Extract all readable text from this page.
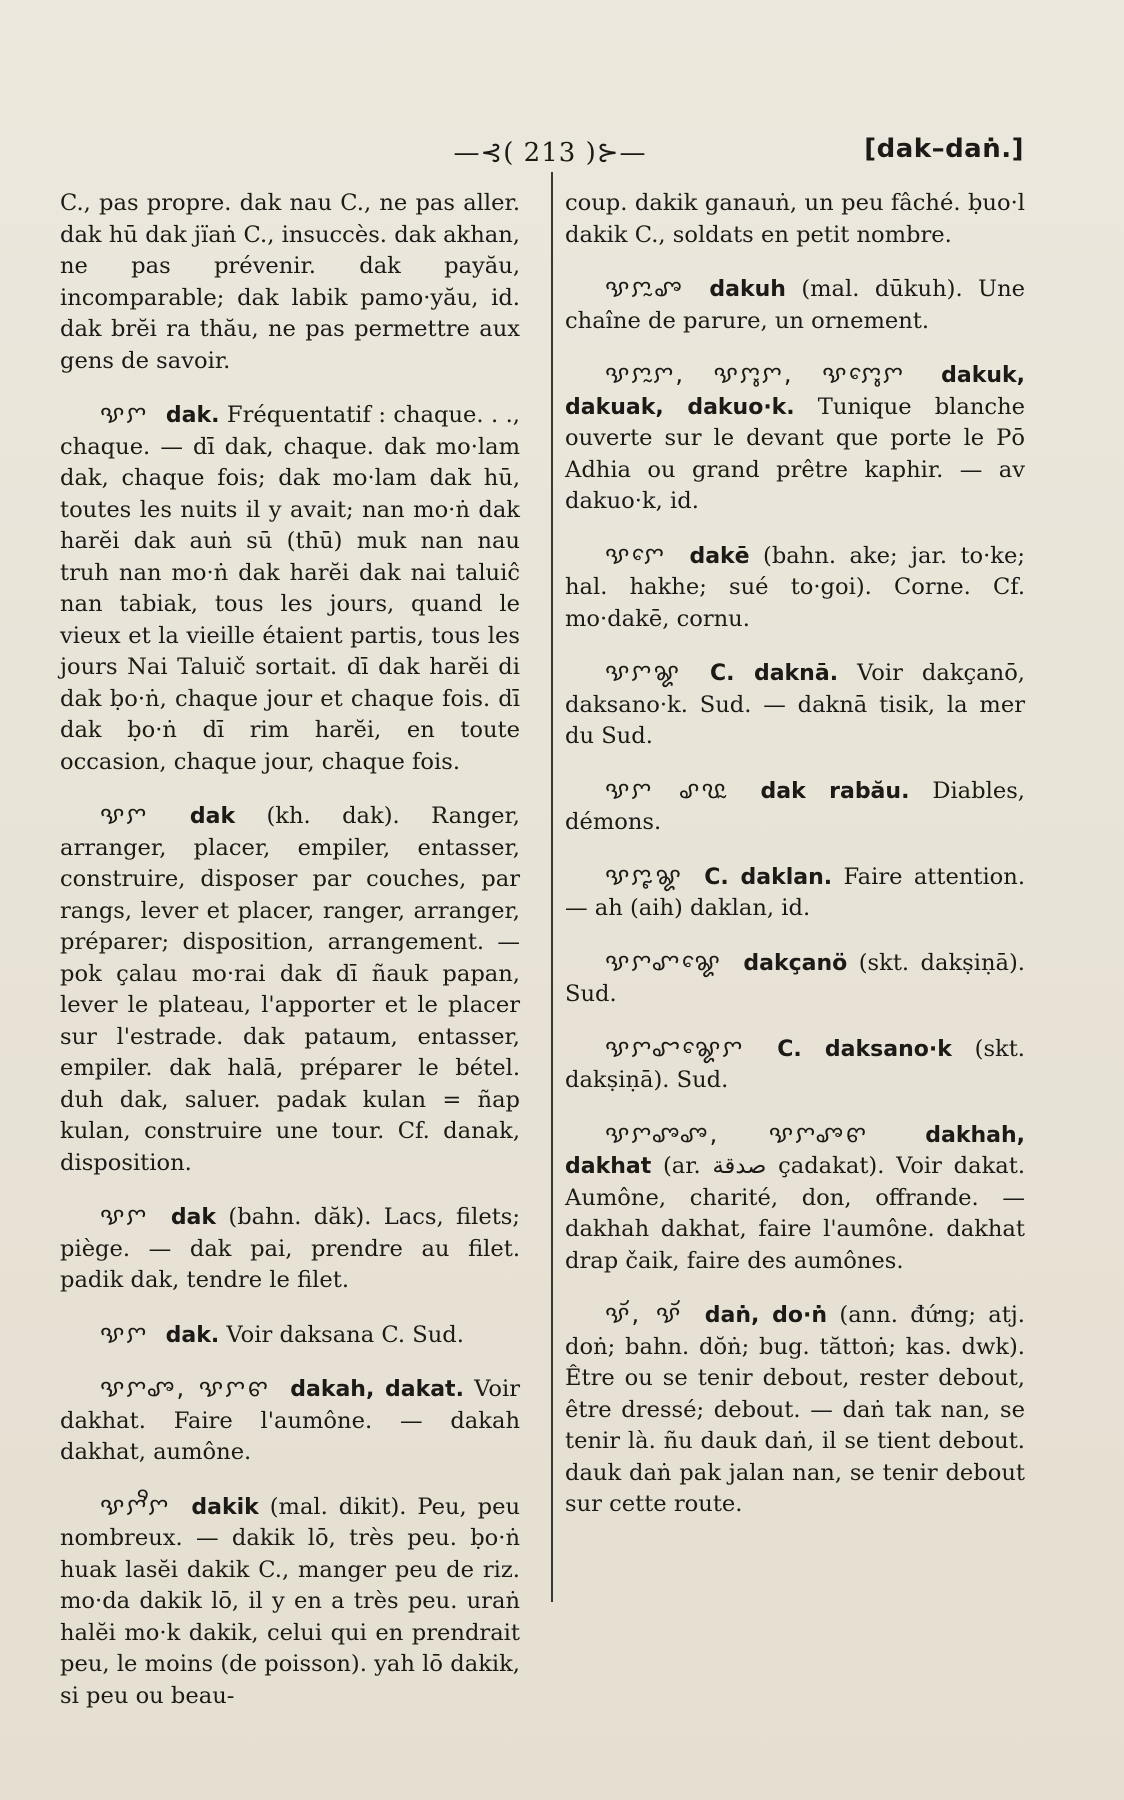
—⊰( 213 )⊱—	[dak–daṅ.]

C., pas propre. dak nau C., ne pas aller. dak hū dak jïaṅ C., insuccès. dak akhan, ne pas prévenir. dak payău, incomparable; dak labik pamo·yău, id. dak brĕi ra thău, ne pas permettre aux gens de savoir.

ꨕꨆ dak. Fréquentatif : chaque. . ., chaque. — dī dak, chaque. dak mo·lam dak, chaque fois; dak mo·lam dak hū, toutes les nuits il y avait; nan mo·ṅ dak harĕi dak auṅ sū (thū) muk nan nau truh nan mo·ṅ dak harĕi dak nai taluiĉ nan tabiak, tous les jours, quand le vieux et la vieille étaient partis, tous les jours Nai Taluič sortait. dī dak harĕi di dak ḅo·ṅ, chaque jour et chaque fois. dī dak ḅo·ṅ dī rim harĕi, en toute occasion, chaque jour, chaque fois.

ꨕꨆ dak (kh. dak). Ranger, arranger, placer, empiler, entasser, construire, disposer par couches, par rangs, lever et placer, ranger, arranger, préparer; disposition, arrangement. — pok çalau mo·rai dak dī ñauk papan, lever le plateau, l'apporter et le placer sur l'estrade. dak pataum, entasser, empiler. dak halā, préparer le bétel. duh dak, saluer. padak kulan = ñap kulan, construire une tour. Cf. danak, disposition.

ꨕꨆ dak (bahn. dăk). Lacs, filets; piège. — dak pai, prendre au filet. padik dak, tendre le filet.

ꨕꨆ dak. Voir daksana C. Sud.

ꨕꨆꨨ, ꨕꨆꨓ dakah, dakat. Voir dakhat. Faire l'aumône. — dakah dakhat, aumône.

ꨕꨆꨪꨆ dakik (mal. dikit). Peu, peu nombreux. — dakik lō, très peu. ḅo·ṅ huak lasĕi dakik C., manger peu de riz. mo·da dakik lō, il y en a très peu. uraṅ halĕi mo·k dakik, celui qui en prendrait peu, le moins (de poisson). yah lō dakik, si peu ou beau-

coup. dakik ganauṅ, un peu fâché. ḅuo·l dakik C., soldats en petit nombre.

ꨕꨆꨭꨨ dakuh (mal. dūkuh). Une chaîne de parure, un ornement.

ꨕꨆꨭꨆ, ꨕꨆꨶꨆ, ꨕꨆꨶꨯꨆ dakuk, dakuak, dakuo·k. Tunique blanche ouverte sur le devant que porte le Pō Adhia ou grand prêtre kaphir. — av dakuo·k, id.

ꨕꨆꨯ dakē (bahn. ake; jar. to·ke; hal. hakhe; sué to·goi). Corne. Cf. mo·dakē, cornu.

ꨕꨆꨘ C. daknā. Voir dakçanō, daksano·k. Sud. — daknā tisik, la mer du Sud.

ꨕꨆ ꨣꨝꨭ dak rabău. Diables, démons.

ꨕꨆꨵꨘ C. daklan. Faire attention. — ah (aih) daklan, id.

ꨕꨆꨚꨘꨯ dakçanö (skt. dakṣiṇā). Sud.

ꨕꨆꨧꨘꨯꨆ C. daksano·k (skt. dakṣiṇā). Sud.

ꨕꨆꨨꨨ, ꨕꨆꨨꨓ	dakhah, dakhat (ar. صدقة çadakat). Voir dakat. Aumône, charité, don, offrande. — dakhah dakhat, faire l'aumône. dakhat drap čaik, faire des aumônes.

ꨕꨮ, ꨕꨮ daṅ, do·ṅ (ann. đứng; atj. doṅ; bahn. dŏṅ; bug. tăttoṅ; kas. dwk). Être ou se tenir debout, rester debout, être dressé; debout. — daṅ tak nan, se tenir là. ñu dauk daṅ, il se tient debout. dauk daṅ pak jalan nan, se tenir debout sur cette route.
